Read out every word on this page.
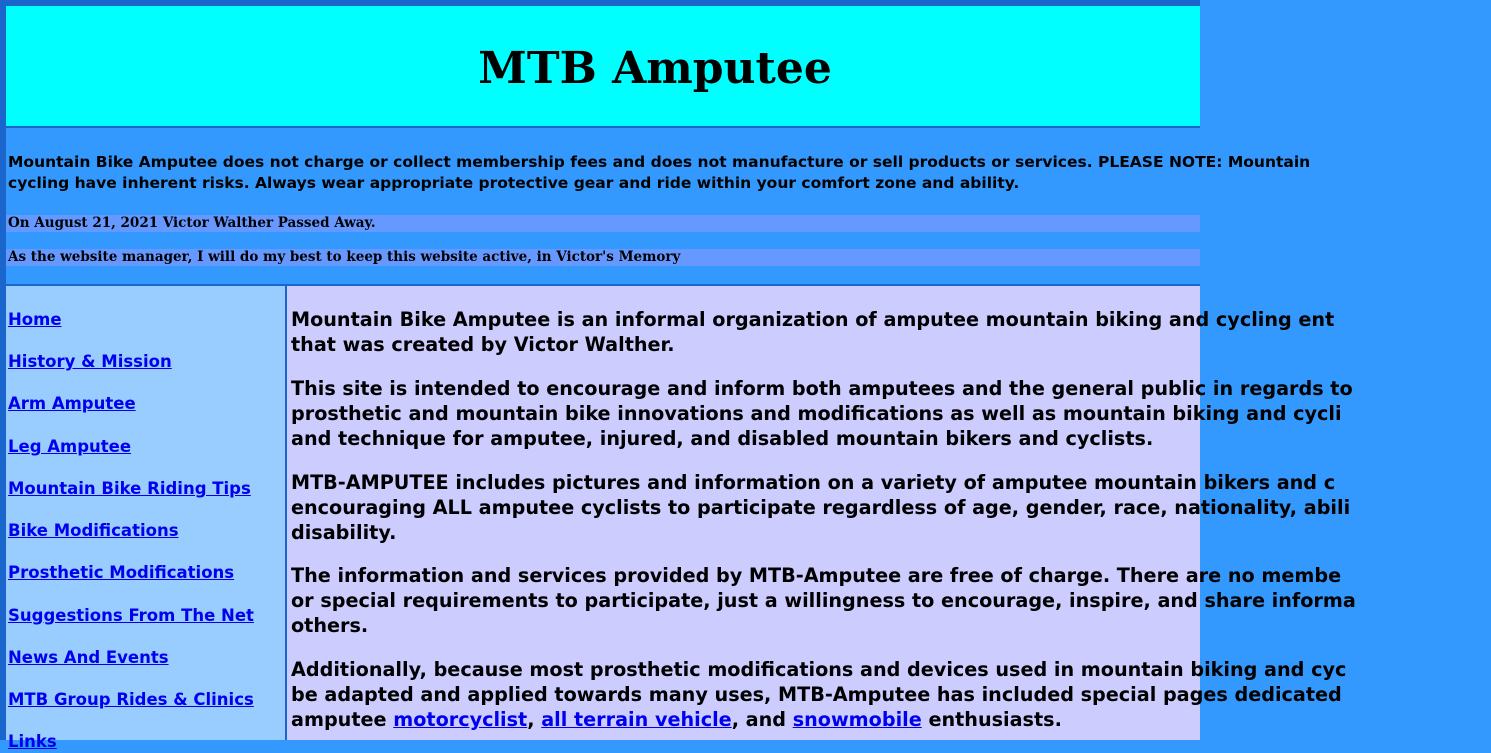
MTB Amputee

Mountain Bike Amputee does not charge or collect membership fees and does not manufacture or sell products or services. PLEASE NOTE: Mountain
cycling have inherent risks. Always wear appropriate protective gear and ride within your comfort zone and ability.

On August 21, 2021 Victor Walther Passed Away.
As the website manager, I will do my best to keep this website active, in Victor's Memory
Home
History & Mission
Arm Amputee
Leg Amputee
Mountain Bike Riding Tips
Bike Modifications
Prosthetic Modifications
Suggestions From The Net
News And Events
MTB Group Rides & Clinics
Links

Mountain Bike Amputee is an informal organization of amputee mountain biking and cycling ent
that was created by Victor Walther.

This site is intended to encourage and inform both amputees and the general public in regards to
prosthetic and mountain bike innovations and modifications as well as mountain biking and cycli
and technique for amputee, injured, and disabled mountain bikers and cyclists.

MTB-AMPUTEE includes pictures and information on a variety of amputee mountain bikers and c
encouraging ALL amputee cyclists to participate regardless of age, gender, race, nationality, abili
disability.

The information and services provided by MTB-Amputee are free of charge. There are no membe
or special requirements to participate, just a willingness to encourage, inspire, and share informa
others.

Additionally, because most prosthetic modifications and devices used in mountain biking and cyc
be adapted and applied towards many uses, MTB-Amputee has included special pages dedicated
amputee motorcyclist, all terrain vehicle, and snowmobile enthusiasts.
